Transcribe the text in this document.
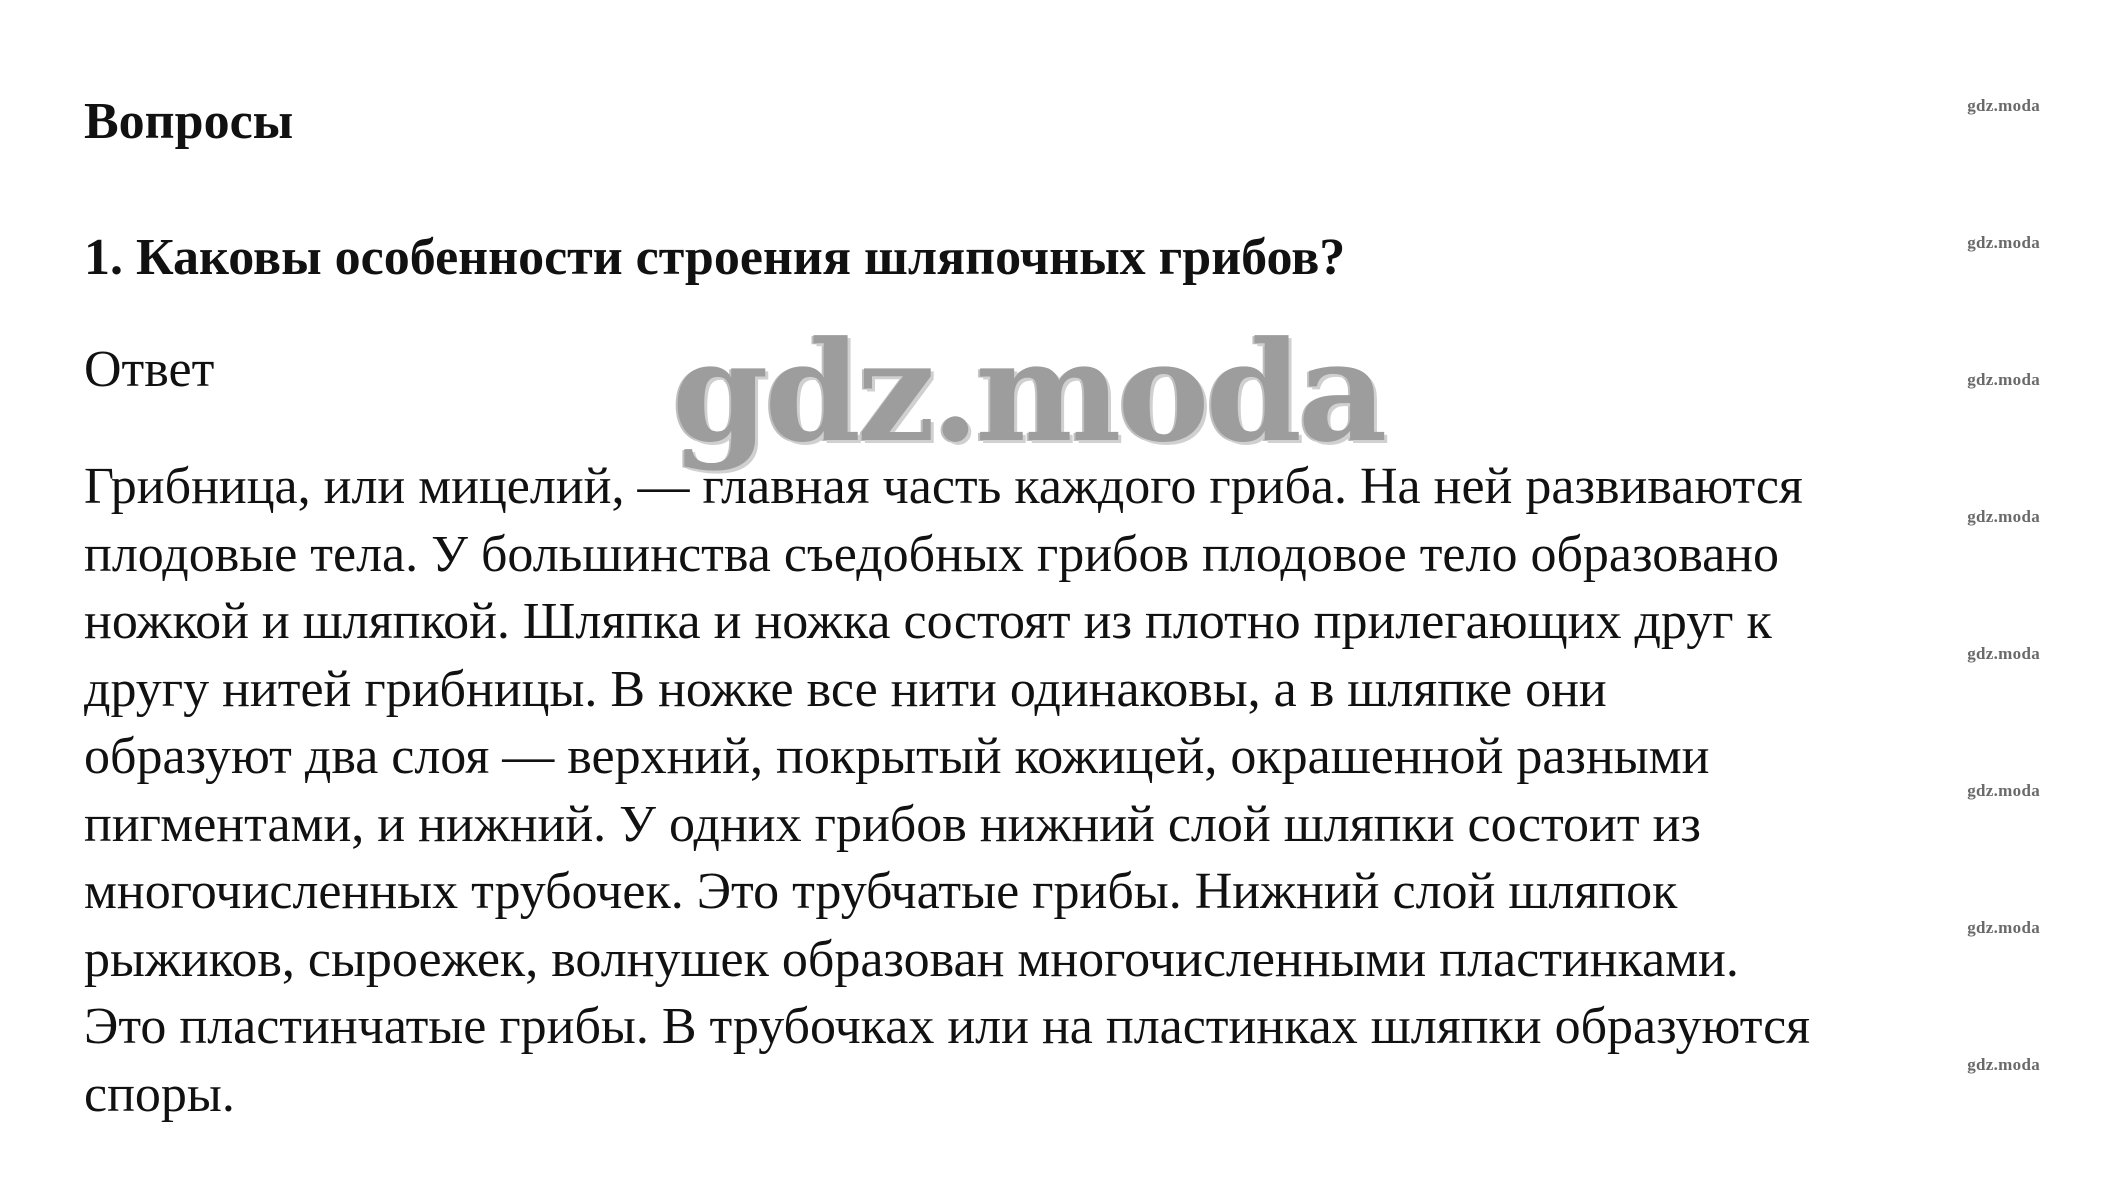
Вопросы
1. Каковы особенности строения шляпочных грибов?

Ответ

Грибница, или мицелий, — главная часть каждого гриба. На ней развиваются
плодовые тела. У большинства съедобных грибов плодовое тело образовано
ножкой и шляпкой. Шляпка и ножка состоят из плотно прилегающих друг к
другу нитей грибницы. В ножке все нити одинаковы, а в шляпке они
образуют два слоя — верхний, покрытый кожицей, окрашенной разными
пигментами, и нижний. У одних грибов нижний слой шляпки состоит из
многочисленных трубочек. Это трубчатые грибы. Нижний слой шляпок
рыжиков, сыроежек, волнушек образован многочисленными пластинками.
Это пластинчатые грибы. В трубочках или на пластинках шляпки образуются
споры.

gdz.moda
gdz.moda
gdz.moda
gdz.moda
gdz.moda
gdz.moda
gdz.moda
gdz.moda
gdz.moda
